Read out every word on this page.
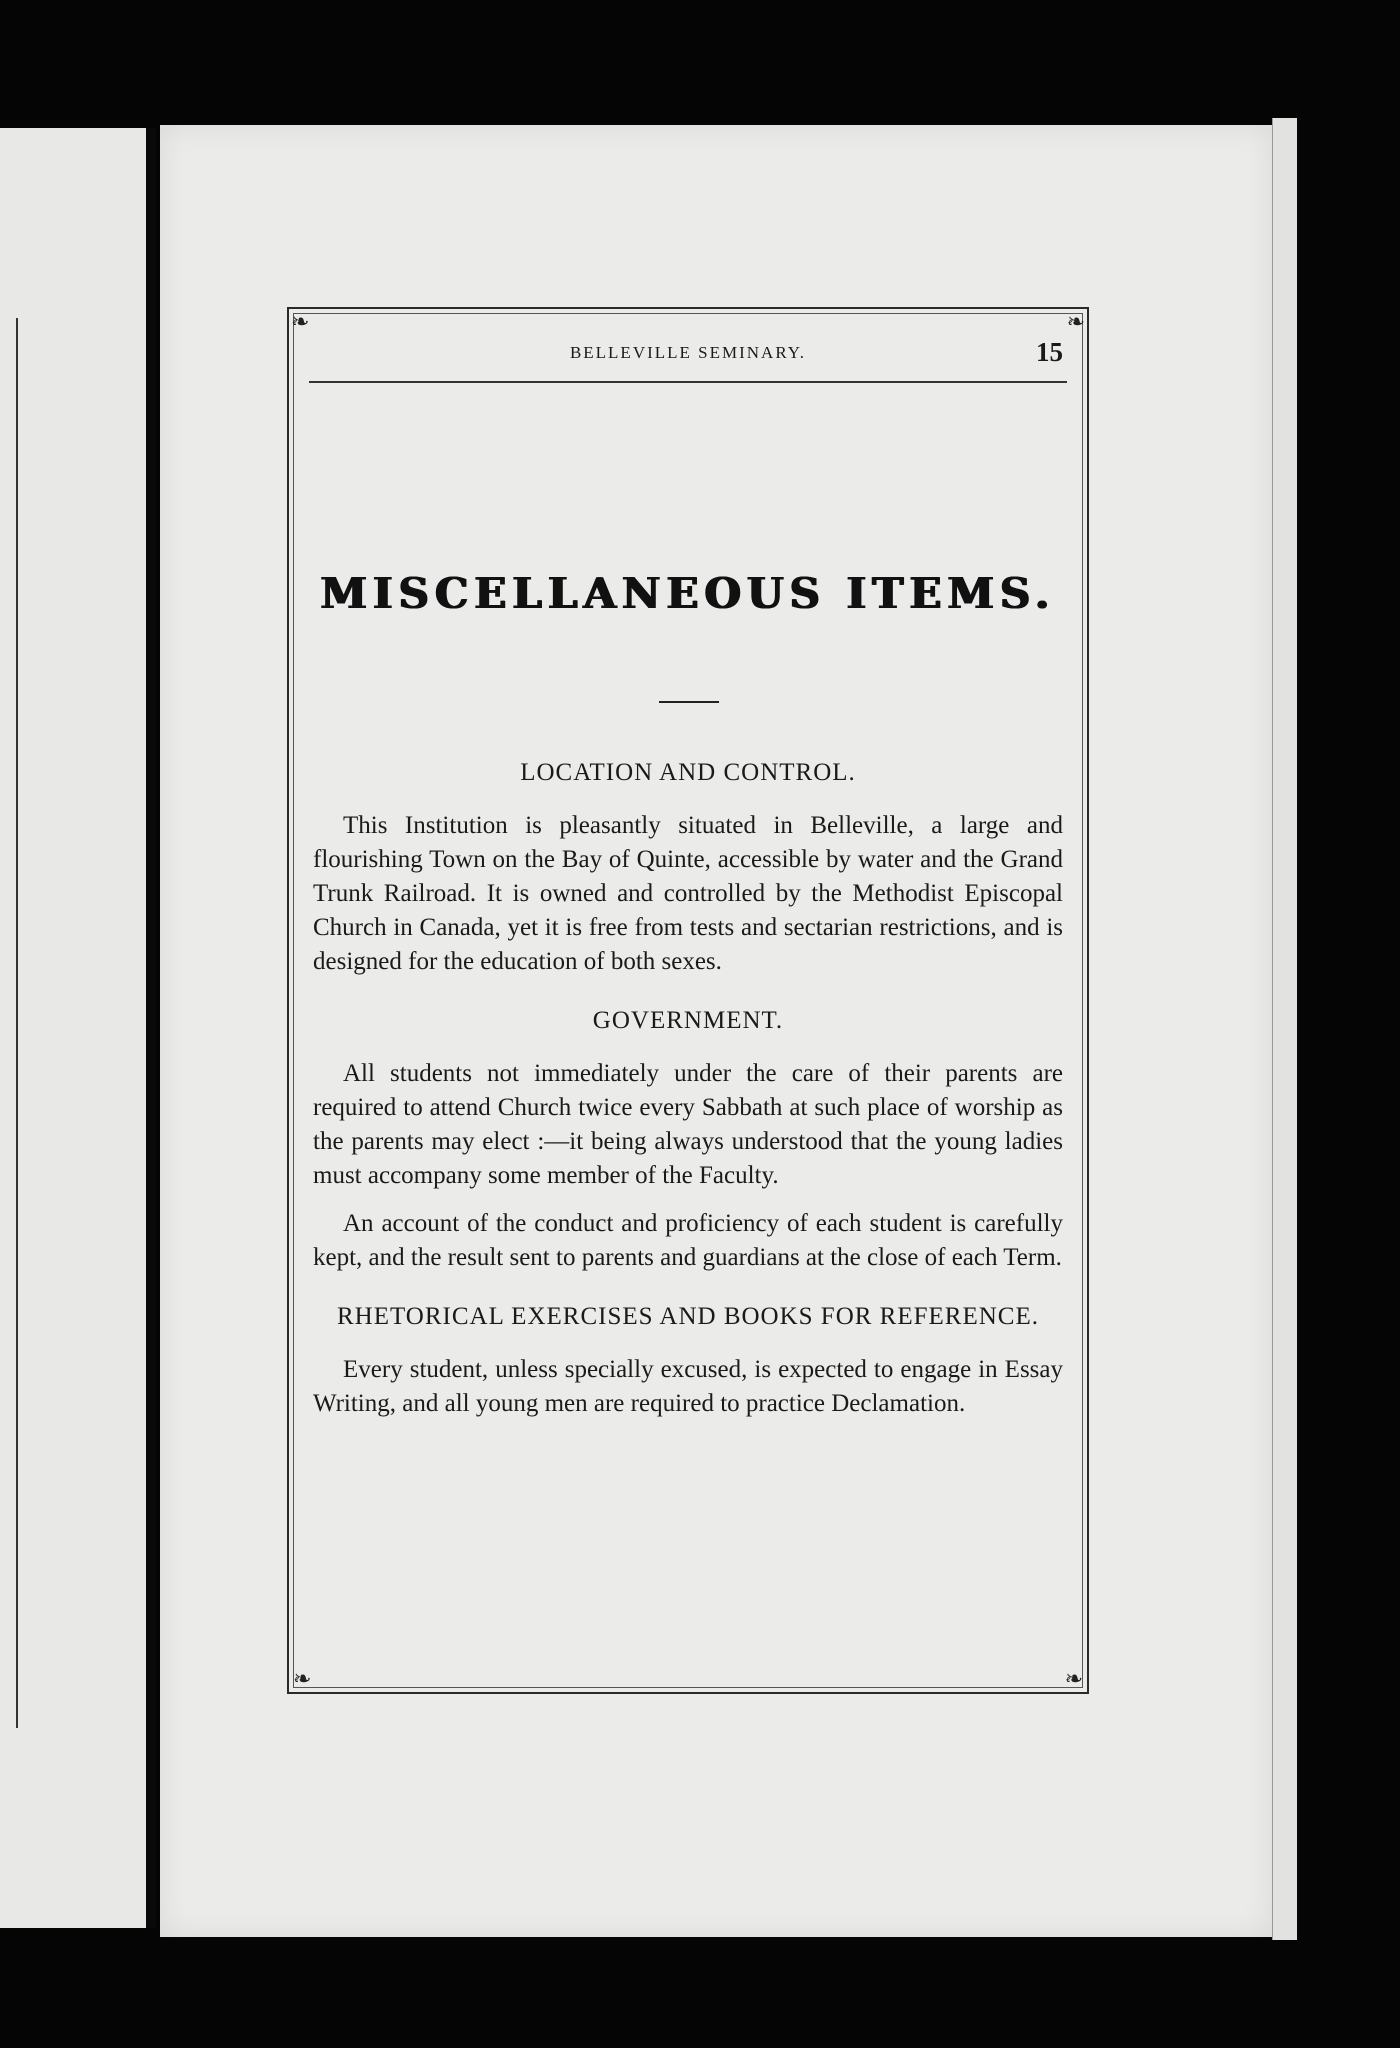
❧	❧
❧	❧
BELLEVILLE SEMINARY.	15
MISCELLANEOUS ITEMS.
LOCATION AND CONTROL.

This Institution is pleasantly situated in Belleville, a large and flourishing Town on the Bay of Quinte, accessible by water and the Grand Trunk Railroad. It is owned and controlled by the Methodist Episcopal Church in Canada, yet it is free from tests and sectarian restrictions, and is designed for the education of both sexes.

GOVERNMENT.

All students not immediately under the care of their parents are required to attend Church twice every Sabbath at such place of worship as the parents may elect :—it being always understood that the young ladies must accompany some member of the Faculty.

An account of the conduct and proficiency of each student is carefully kept, and the result sent to parents and guardians at the close of each Term.

RHETORICAL EXERCISES AND BOOKS FOR REFERENCE.

Every student, unless specially excused, is expected to engage in Essay Writing, and all young men are required to practice Declamation.
